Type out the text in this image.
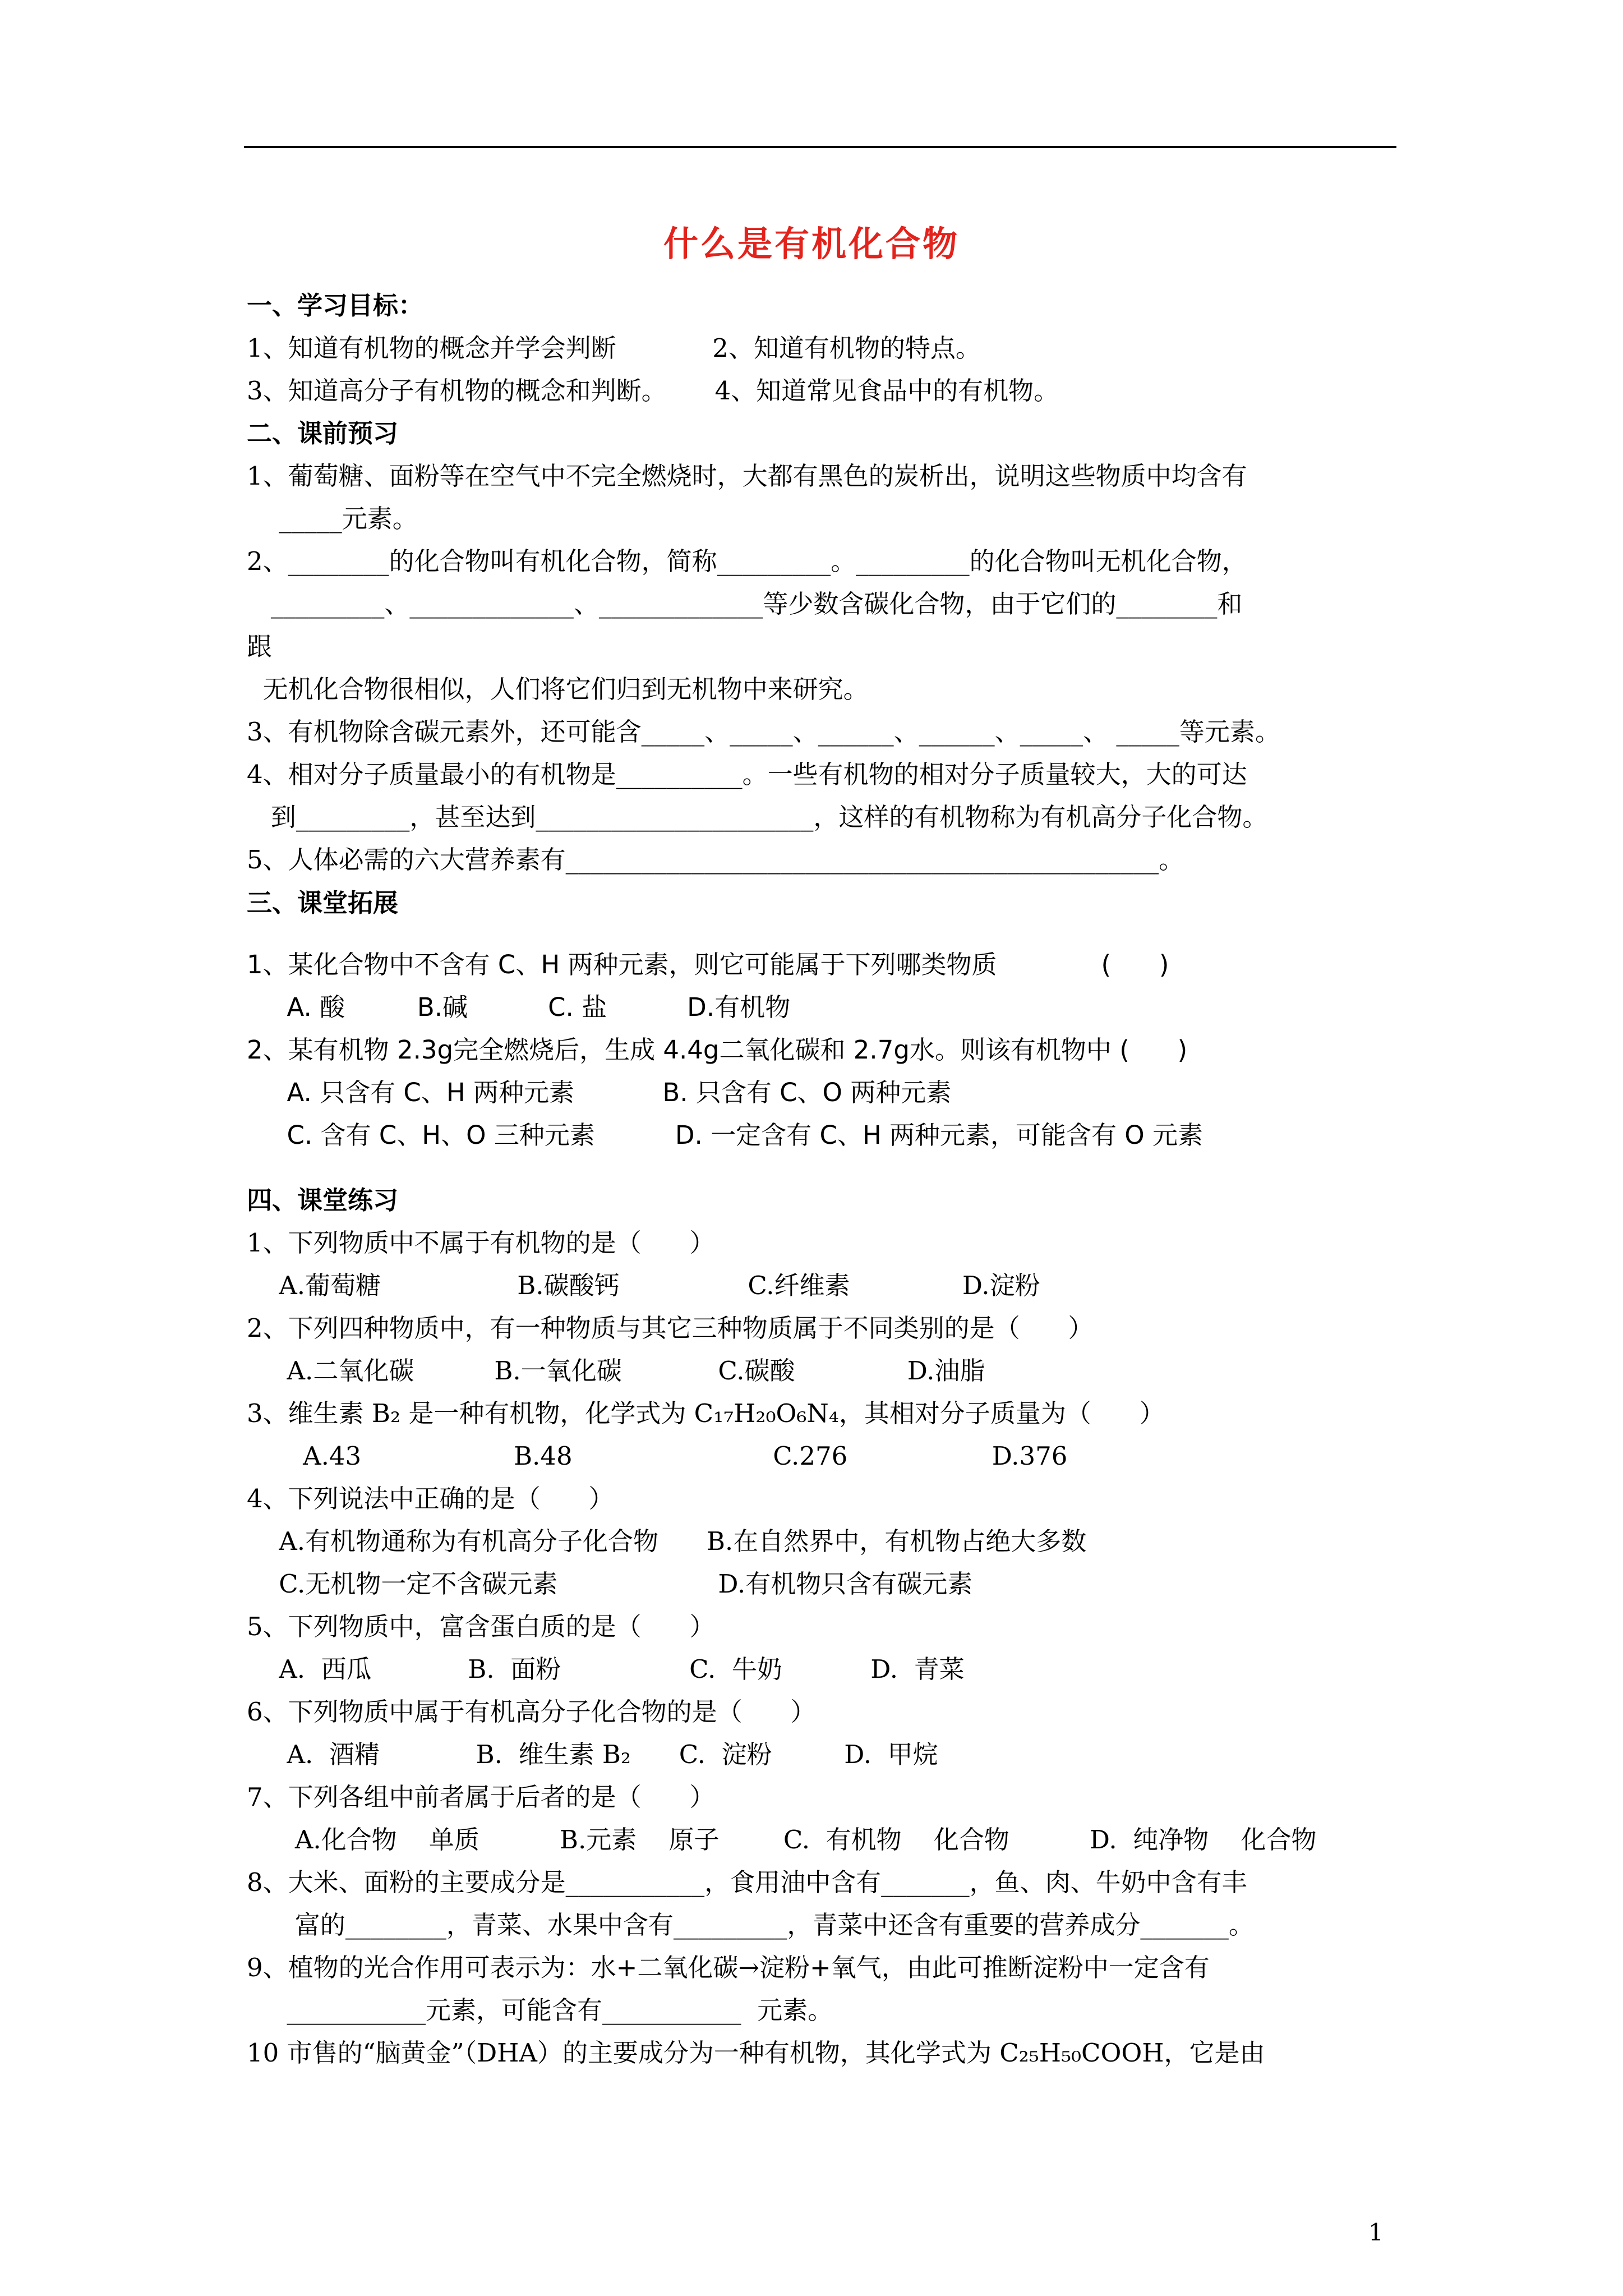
什么是有机化合物
一、学习目标：
1、知道有机物的概念并学会判断            2、知道有机物的特点。
3、知道高分子有机物的概念和判断。      4、知道常见食品中的有机物。
二、课前预习
1、葡萄糖、面粉等在空气中不完全燃烧时，大都有黑色的炭析出，说明这些物质中均含有
_____元素。
2、________的化合物叫有机化合物，简称_________。_________的化合物叫无机化合物，
_________、_____________、_____________等少数含碳化合物，由于它们的________和
跟
无机化合物很相似，人们将它们归到无机物中来研究。
3、有机物除含碳元素外，还可能含_____、_____、______、______、_____、 _____等元素。
4、相对分子质量最小的有机物是__________。一些有机物的相对分子质量较大，大的可达
到_________，甚至达到______________________，这样的有机物称为有机高分子化合物。
5、人体必需的六大营养素有_______________________________________________。
三、课堂拓展
1、某化合物中不含有 C、H 两种元素，则它可能属于下列哪类物质             (      )
A. 酸         B.碱          C. 盐          D.有机物
2、某有机物 2.3g完全燃烧后，生成 4.4g二氧化碳和 2.7g水。则该有机物中 (      )
A. 只含有 C、H 两种元素           B. 只含有 C、O 两种元素
C. 含有 C、H、O 三种元素          D. 一定含有 C、H 两种元素，可能含有 O 元素
四、课堂练习
1、下列物质中不属于有机物的是（      ）
A.葡萄糖                 B.碳酸钙                C.纤维素              D.淀粉
2、下列四种物质中，有一种物质与其它三种物质属于不同类别的是（      ）
A.二氧化碳          B.一氧化碳            C.碳酸              D.油脂
3、维生素 B₂ 是一种有机物，化学式为 C₁₇H₂₀O₆N₄，其相对分子质量为（      ）
A.43                   B.48                         C.276                  D.376
4、下列说法中正确的是（      ）
A.有机物通称为有机高分子化合物      B.在自然界中，有机物占绝大多数
C.无机物一定不含碳元素                    D.有机物只含有碳元素
5、下列物质中，富含蛋白质的是（      ）
A.  西瓜            B.  面粉                C.  牛奶           D.  青菜
6、下列物质中属于有机高分子化合物的是（      ）
A.  酒精            B.  维生素 B₂      C.  淀粉         D.  甲烷
7、下列各组中前者属于后者的是（      ）
A.化合物    单质          B.元素    原子        C.  有机物    化合物          D.  纯净物    化合物
8、大米、面粉的主要成分是___________，食用油中含有_______，鱼、肉、牛奶中含有丰
富的________，青菜、水果中含有_________，青菜中还含有重要的营养成分_______。
9、植物的光合作用可表示为：水+二氧化碳→淀粉+氧气，由此可推断淀粉中一定含有
___________元素，可能含有___________  元素。
10 市售的“脑黄金”（DHA）的主要成分为一种有机物，其化学式为 C₂₅H₅₀COOH，它是由
1
